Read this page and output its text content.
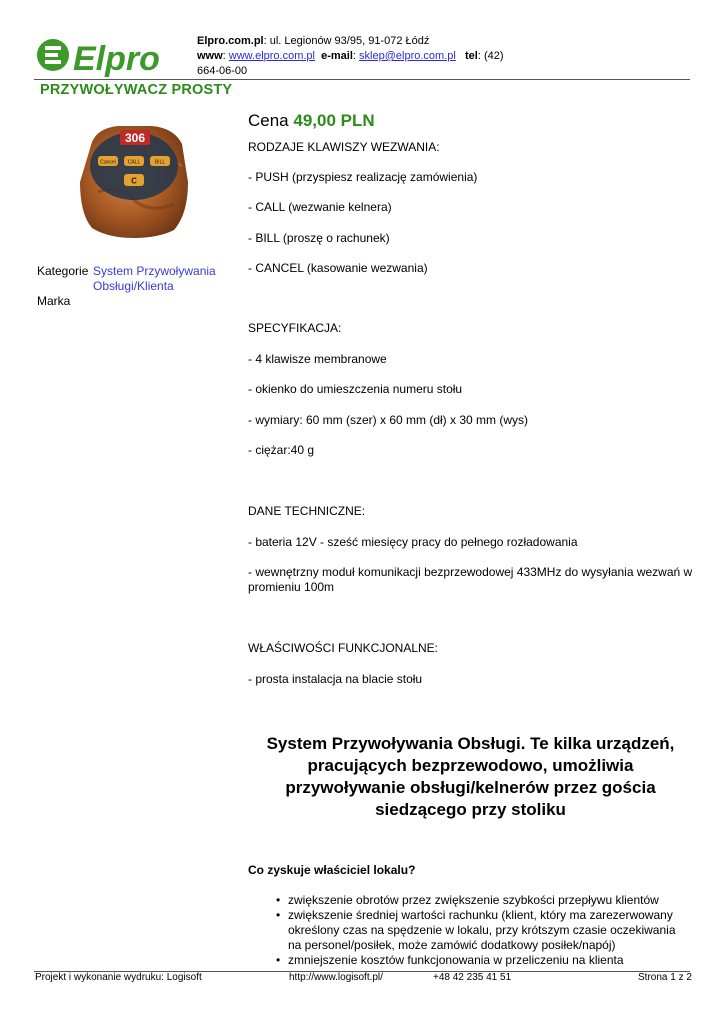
Elpro	Elpro.com.pl: ul. Legionów 93/95, 91-072 Łódź
www: www.elpro.com.pl e-mail: sklep@elpro.com.pl tel: (42)
664-06-00
PRZYWOŁYWACZ PROSTY
306
Cancel CALL	BILL
C
Kategorie System Przywoływania Obsługi/Klienta
Marka
Cena 49,00 PLN
RODZAJE KLAWISZY WEZWANIA:
- PUSH (przyspiesz realizację zamówienia)
- CALL (wezwanie kelnera)
- BILL (proszę o rachunek)
- CANCEL (kasowanie wezwania)
SPECYFIKACJA:
- 4 klawisze membranowe
- okienko do umieszczenia numeru stołu
- wymiary: 60 mm (szer) x 60 mm (dł) x 30 mm (wys)
- ciężar:40 g
DANE TECHNICZNE:
- bateria 12V - sześć miesięcy pracy do pełnego rozładowania
- wewnętrzny moduł komunikacji bezprzewodowej 433MHz do wysyłania wezwań w promieniu 100m
WŁAŚCIWOŚCI FUNKCJONALNE:
- prosta instalacja na blacie stołu
System Przywoływania Obsługi. Te kilka urządzeń, pracujących bezprzewodowo, umożliwia przywoływanie obsługi/kelnerów przez gościa siedzącego przy stoliku
Co zyskuje właściciel lokalu?
• zwiększenie obrotów przez zwiększenie szybkości przepływu klientów
• zwiększenie średniej wartości rachunku (klient, który ma zarezerwowany określony czas na spędzenie w lokalu, przy krótszym czasie oczekiwania na personel/posiłek, może zamówić dodatkowy posiłek/napój)
• zmniejszenie kosztów funkcjonowania w przeliczeniu na klienta
Projekt i wykonanie wydruku: Logisoft	http://www.logisoft.pl/	+48 42 235 41 51	Strona 1 z 2
